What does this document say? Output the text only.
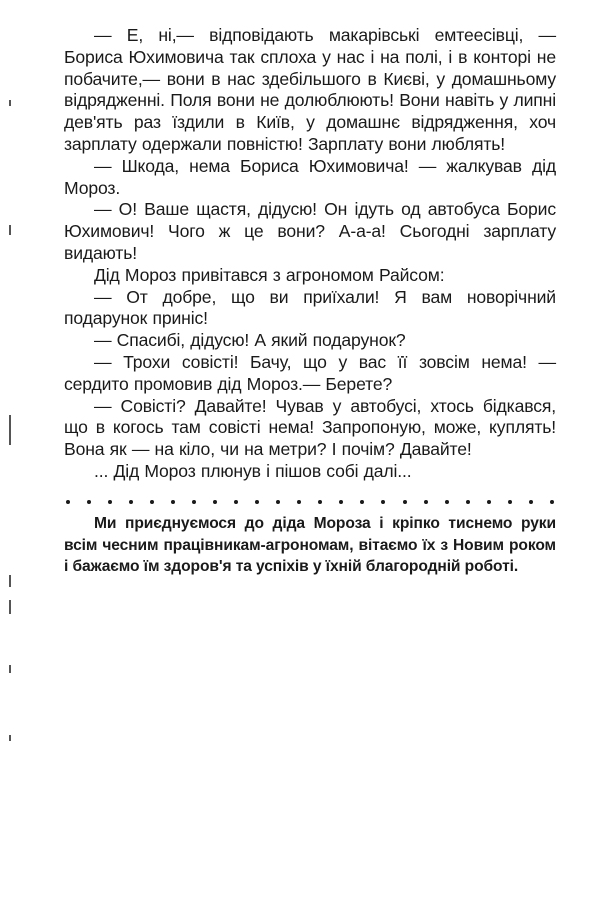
— Е, ні,— відповідають макарівські емтеесівці, — Бориса Юхимовича так сплоха у нас і на полі, і в конторі не побачите,— вони в нас здебільшого в Києві, у домашньому відрядженні. Поля вони не долюблюють! Вони навіть у липні дев'ять раз їздили в Київ, у домашнє відрядження, хоч зарплату одержали повністю! Зарплату вони люблять!

— Шкода, нема Бориса Юхимовича! — жалкував дід Мороз.

— О! Ваше щастя, дідусю! Он ідуть од автобуса Борис Юхимович! Чого ж це вони? А-а-а! Сьогодні зарплату видають!

Дід Мороз привітався з агрономом Райсом:

— От добре, що ви приїхали! Я вам новорічний подарунок приніс!

— Спасибі, дідусю! А який подарунок?

— Трохи совісті! Бачу, що у вас її зовсім нема! — сердито промовив дід Мороз.— Берете?

— Совісті? Давайте! Чував у автобусі, хтось бідкався, що в когось там совісті нема! Запропоную, може, куплять! Вона як — на кіло, чи на метри? І почім? Давайте!

... Дід Мороз плюнув і пішов собі далі...

Ми приєднуємося до діда Мороза і кріпко тиснемо руки всім чесним працівникам-агрономам, вітаємо їх з Новим роком і бажаємо їм здоров'я та успіхів у їхній благородній роботі.
